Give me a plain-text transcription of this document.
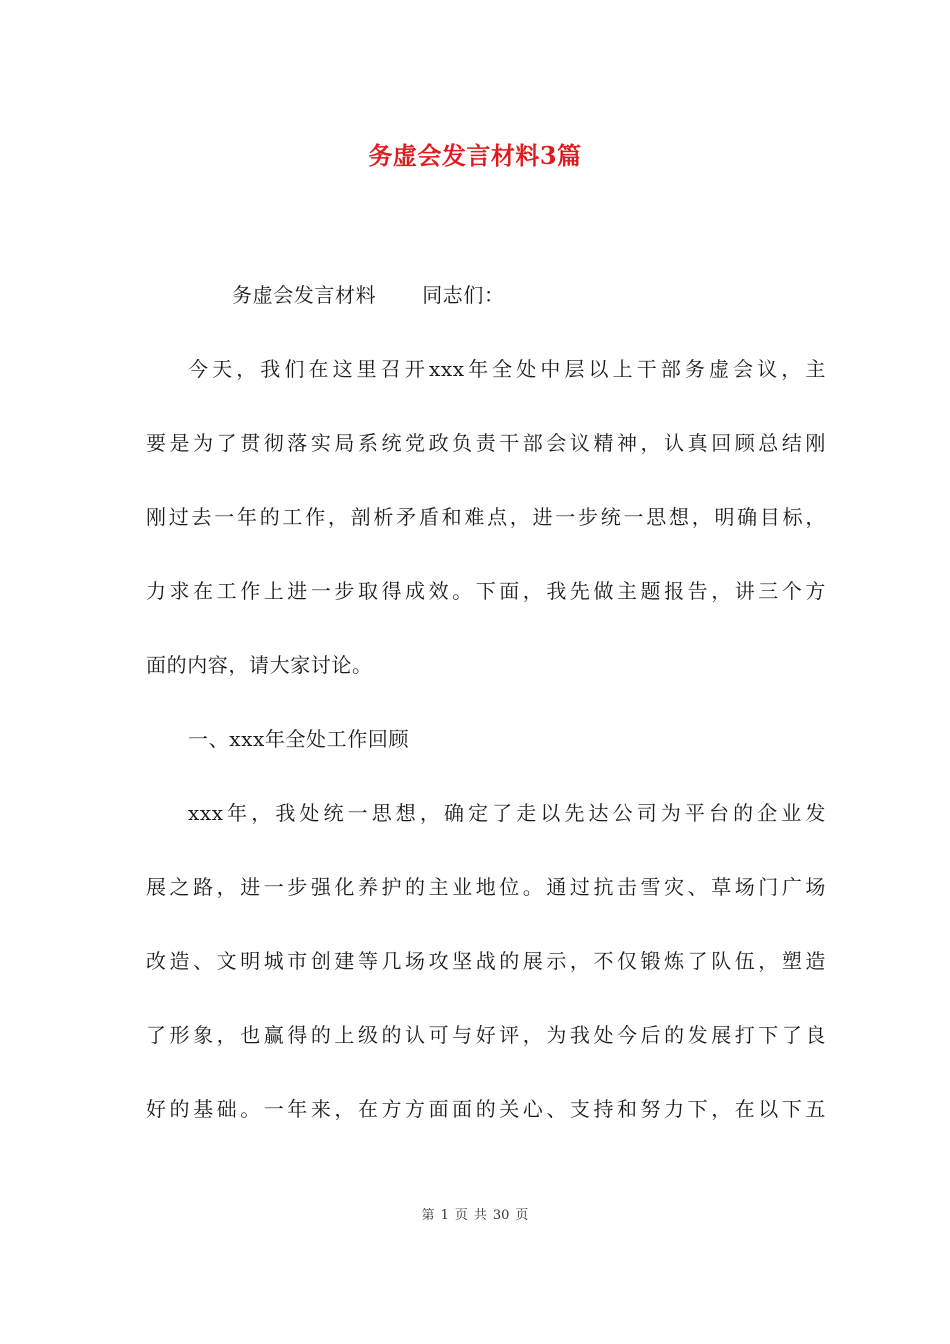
务虚会发言材料3篇
务虚会发言材料 同志们：
今天，我们在这里召开xxx年全处中层以上干部务虚会议，主
要是为了贯彻落实局系统党政负责干部会议精神，认真回顾总结刚
刚过去一年的工作，剖析矛盾和难点，进一步统一思想，明确目标，
力求在工作上进一步取得成效。下面，我先做主题报告，讲三个方
面的内容，请大家讨论。
一、xxx年全处工作回顾
xxx年，我处统一思想，确定了走以先达公司为平台的企业发
展之路，进一步强化养护的主业地位。通过抗击雪灾、草场门广场
改造、文明城市创建等几场攻坚战的展示，不仅锻炼了队伍，塑造
了形象，也赢得的上级的认可与好评，为我处今后的发展打下了良
好的基础。一年来，在方方面面的关心、支持和努力下，在以下五
第 1 页 共 30 页
